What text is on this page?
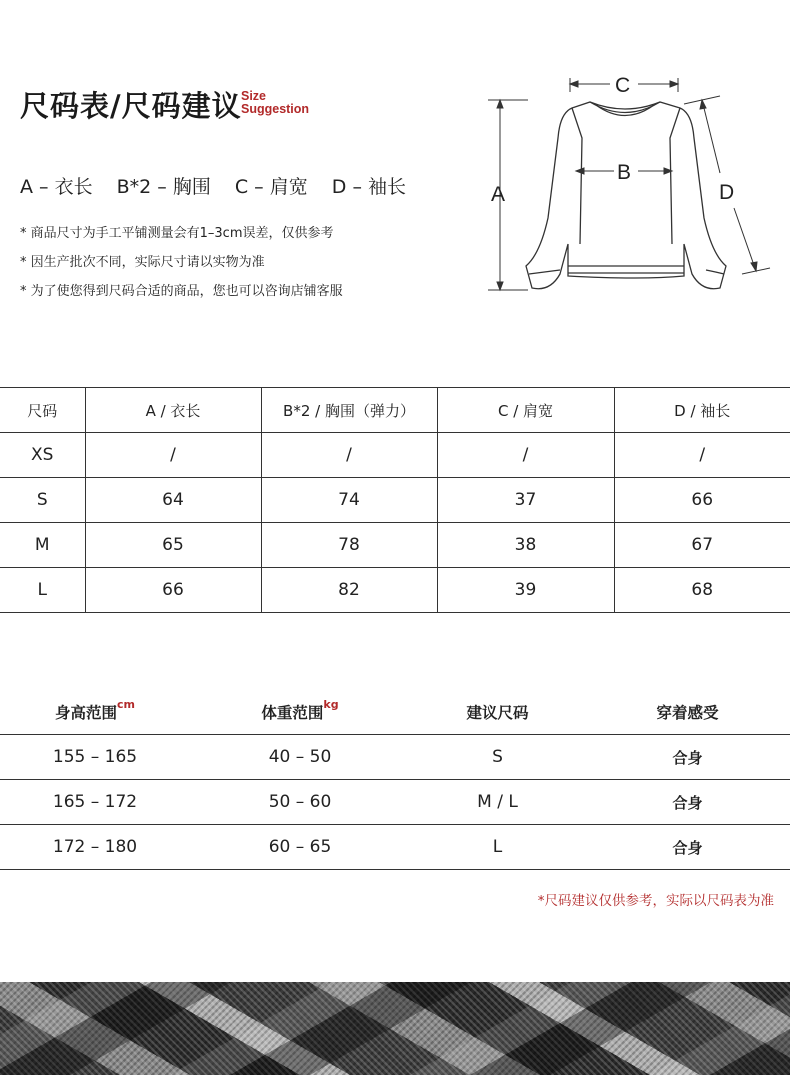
尺码表/尺码建议 Size
Suggestion
A – 衣长 B*2 – 胸围 C – 肩宽 D – 袖长
* 商品尺寸为手工平铺测量会有1–3cm误差，仅供参考
* 因生产批次不同，实际尺寸请以实物为准
* 为了使您得到尺码合适的商品，您也可以咨询店铺客服
A
B
C
D
尺码	A / 衣长	B*2 / 胸围（弹力）	C / 肩宽	D / 袖长
XS	/	/	/	/
S	64	74	37	66
M	65	78	38	67
L	66	82	39	68
身高范围$^{cm}$	体重范围$^{kg}$	建议尺码	穿着感受
155 – 165	40 – 50	S	合身
165 – 172	50 – 60	M / L	合身
172 – 180	60 – 65	L	合身
*尺码建议仅供参考，实际以尺码表为准
